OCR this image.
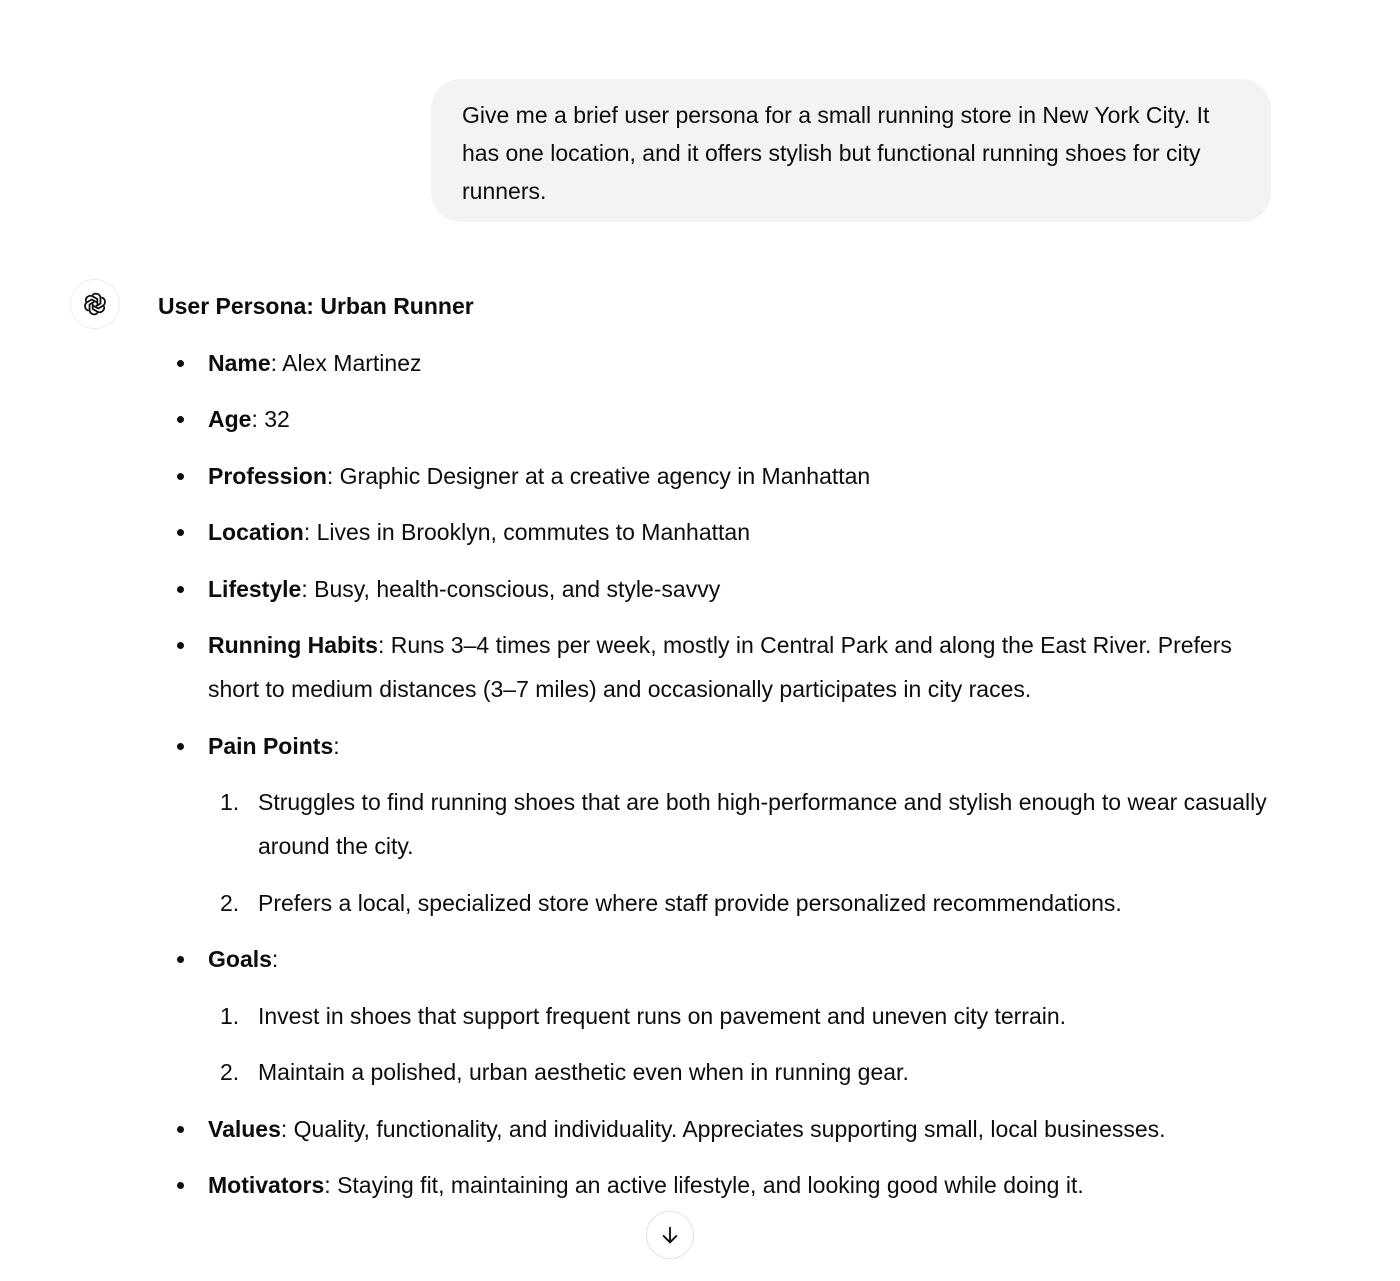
Give me a brief user persona for a small running store in New York City. It has one location, and it offers stylish but functional running shoes for city runners.

User Persona: Urban Runner

Name: Alex Martinez
Age: 32
Profession: Graphic Designer at a creative agency in Manhattan
Location: Lives in Brooklyn, commutes to Manhattan
Lifestyle: Busy, health-conscious, and style-savvy
Running Habits: Runs 3–4 times per week, mostly in Central Park and along the East River. Prefers short to medium distances (3–7 miles) and occasionally participates in city races.
Pain Points:
1. Struggles to find running shoes that are both high-performance and stylish enough to wear casually around the city.
2. Prefers a local, specialized store where staff provide personalized recommendations.
Goals:
1. Invest in shoes that support frequent runs on pavement and uneven city terrain.
2. Maintain a polished, urban aesthetic even when in running gear.
Values: Quality, functionality, and individuality. Appreciates supporting small, local businesses.
Motivators: Staying fit, maintaining an active lifestyle, and looking good while doing it.
